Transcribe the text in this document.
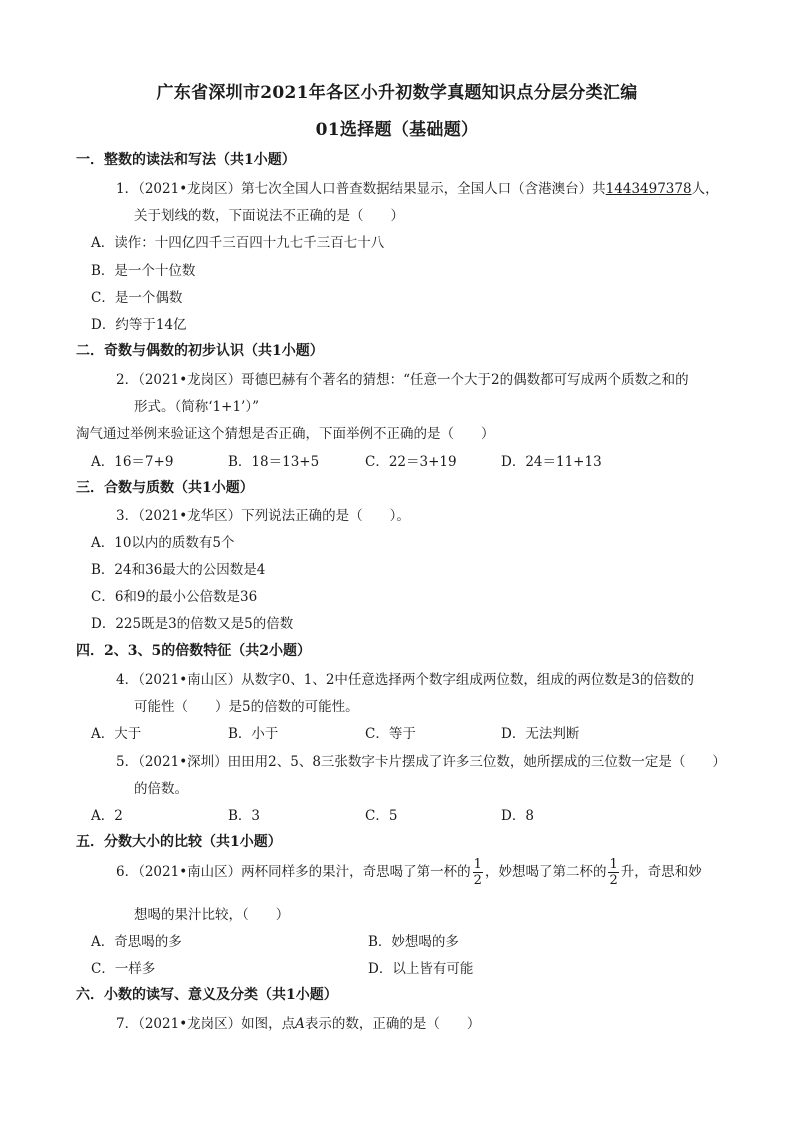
广东省深圳市2021年各区小升初数学真题知识点分层分类汇编
01选择题（基础题）
一．整数的读法和写法（共1小题）
1．（2021•龙岗区）第七次全国人口普查数据结果显示，全国人口（含港澳台）共1443497378人，
关于划线的数，下面说法不正确的是（　　）
A．读作：十四亿四千三百四十九七千三百七十八
B．是一个十位数
C．是一个偶数
D．约等于14亿
二．奇数与偶数的初步认识（共1小题）
2．（2021•龙岗区）哥德巴赫有个著名的猜想：“任意一个大于2的偶数都可写成两个质数之和的
形式。（简称‘1+1’）”
淘气通过举例来验证这个猜想是否正确，下面举例不正确的是（　　）
A．16＝7+9	B．18＝13+5	C．22＝3+19	D．24＝11+13
三．合数与质数（共1小题）
3．（2021•龙华区）下列说法正确的是（　　）。
A．10以内的质数有5个
B．24和36最大的公因数是4
C．6和9的最小公倍数是36
D．225既是3的倍数又是5的倍数
四．2、3、5的倍数特征（共2小题）
4．（2021•南山区）从数字0、1、2中任意选择两个数字组成两位数，组成的两位数是3的倍数的
可能性（　　）是5的倍数的可能性。
A．大于	B．小于	C．等于	D．无法判断
5．（2021•深圳）田田用2、5、8三张数字卡片摆成了许多三位数，她所摆成的三位数一定是（　　）
的倍数。
A．2	B．3	C．5	D．8
五．分数大小的比较（共1小题）
6．（2021•南山区）两杯同样多的果汁，奇思喝了第一杯的 $\frac{1}{2}$ ，妙想喝了第二杯的 $\frac{1}{2}$ 升，奇思和妙
想喝的果汁比较，（　　）
A．奇思喝的多	B．妙想喝的多
C．一样多	D．以上皆有可能
六．小数的读写、意义及分类（共1小题）
7．（2021•龙岗区）如图，点A表示的数，正确的是（　　）
